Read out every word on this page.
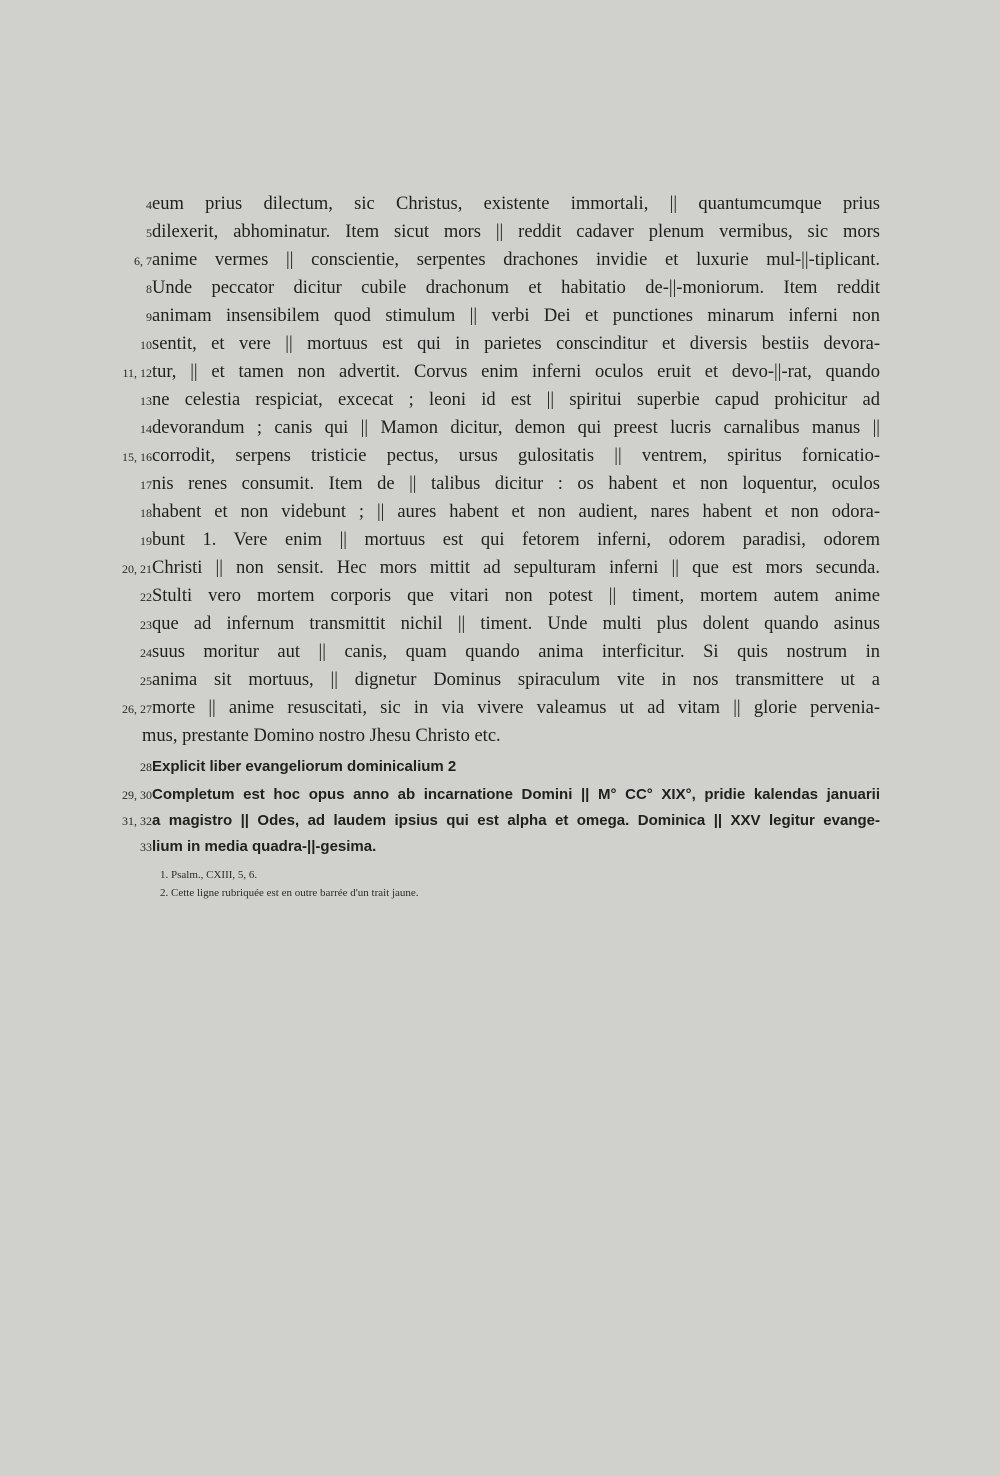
4 eum prius dilectum, sic Christus, existente immortali, || quantumcumque prius
5 dilexerit, abhominatur. Item sicut mors || reddit cadaver plenum vermibus, sic mors
6, 7 anime vermes || conscientie, serpentes drachones invidie et luxurie mul-||-tiplicant.
8 Unde peccator dicitur cubile drachonum et habitatio de-||-moniorum. Item reddit
9 animam insensibilem quod stimulum || verbi Dei et punctiones minarum inferni non
10 sentit, et vere || mortuus est qui in parietes conscinditur et diversis bestiis devora-
11, 12 tur, || et tamen non advertit. Corvus enim inferni oculos eruit et devo-||-rat, quando
13 ne celestia respiciat, excecat ; leoni id est || spiritui superbie capud prohicitur ad
14 devorandum ; canis qui || Mamon dicitur, demon qui preest lucris carnalibus manus ||
15, 16 corrodit, serpens tristicie pectus, ursus gulositatis || ventrem, spiritus fornicatio-
17 nis renes consumit. Item de || talibus dicitur : os habent et non loquentur, oculos
18 habent et non videbunt ; || aures habent et non audient, nares habent et non odora-
19 bunt 1. Vere enim || mortuus est qui fetorem inferni, odorem paradisi, odorem
20, 21 Christi || non sensit. Hec mors mittit ad sepulturam inferni || que est mors secunda.
22 Stulti vero mortem corporis que vitari non potest || timent, mortem autem anime
23 que ad infernum transmittit nichil || timent. Unde multi plus dolent quando asinus
24 suus moritur aut || canis, quam quando anima interficitur. Si quis nostrum in
25 anima sit mortuus, || dignetur Dominus spiraculum vite in nos transmittere ut a
26, 27 morte || anime resuscitati, sic in via vivere valeamus ut ad vitam || glorie pervenia-
mus, prestante Domino nostro Jhesu Christo etc.
28 Explicit liber evangeliorum dominicalium 2
29, 30 Completum est hoc opus anno ab incarnatione Domini || M° CC° XIX°, pridie kalendas januarii
31, 32 a magistro || Odes, ad laudem ipsius qui est alpha et omega. Dominica || XXV legitur evange-
33 lium in media quadra-||-gesima.
1. Psalm., CXIII, 5, 6.
2. Cette ligne rubriquée est en outre barrée d'un trait jaune.
